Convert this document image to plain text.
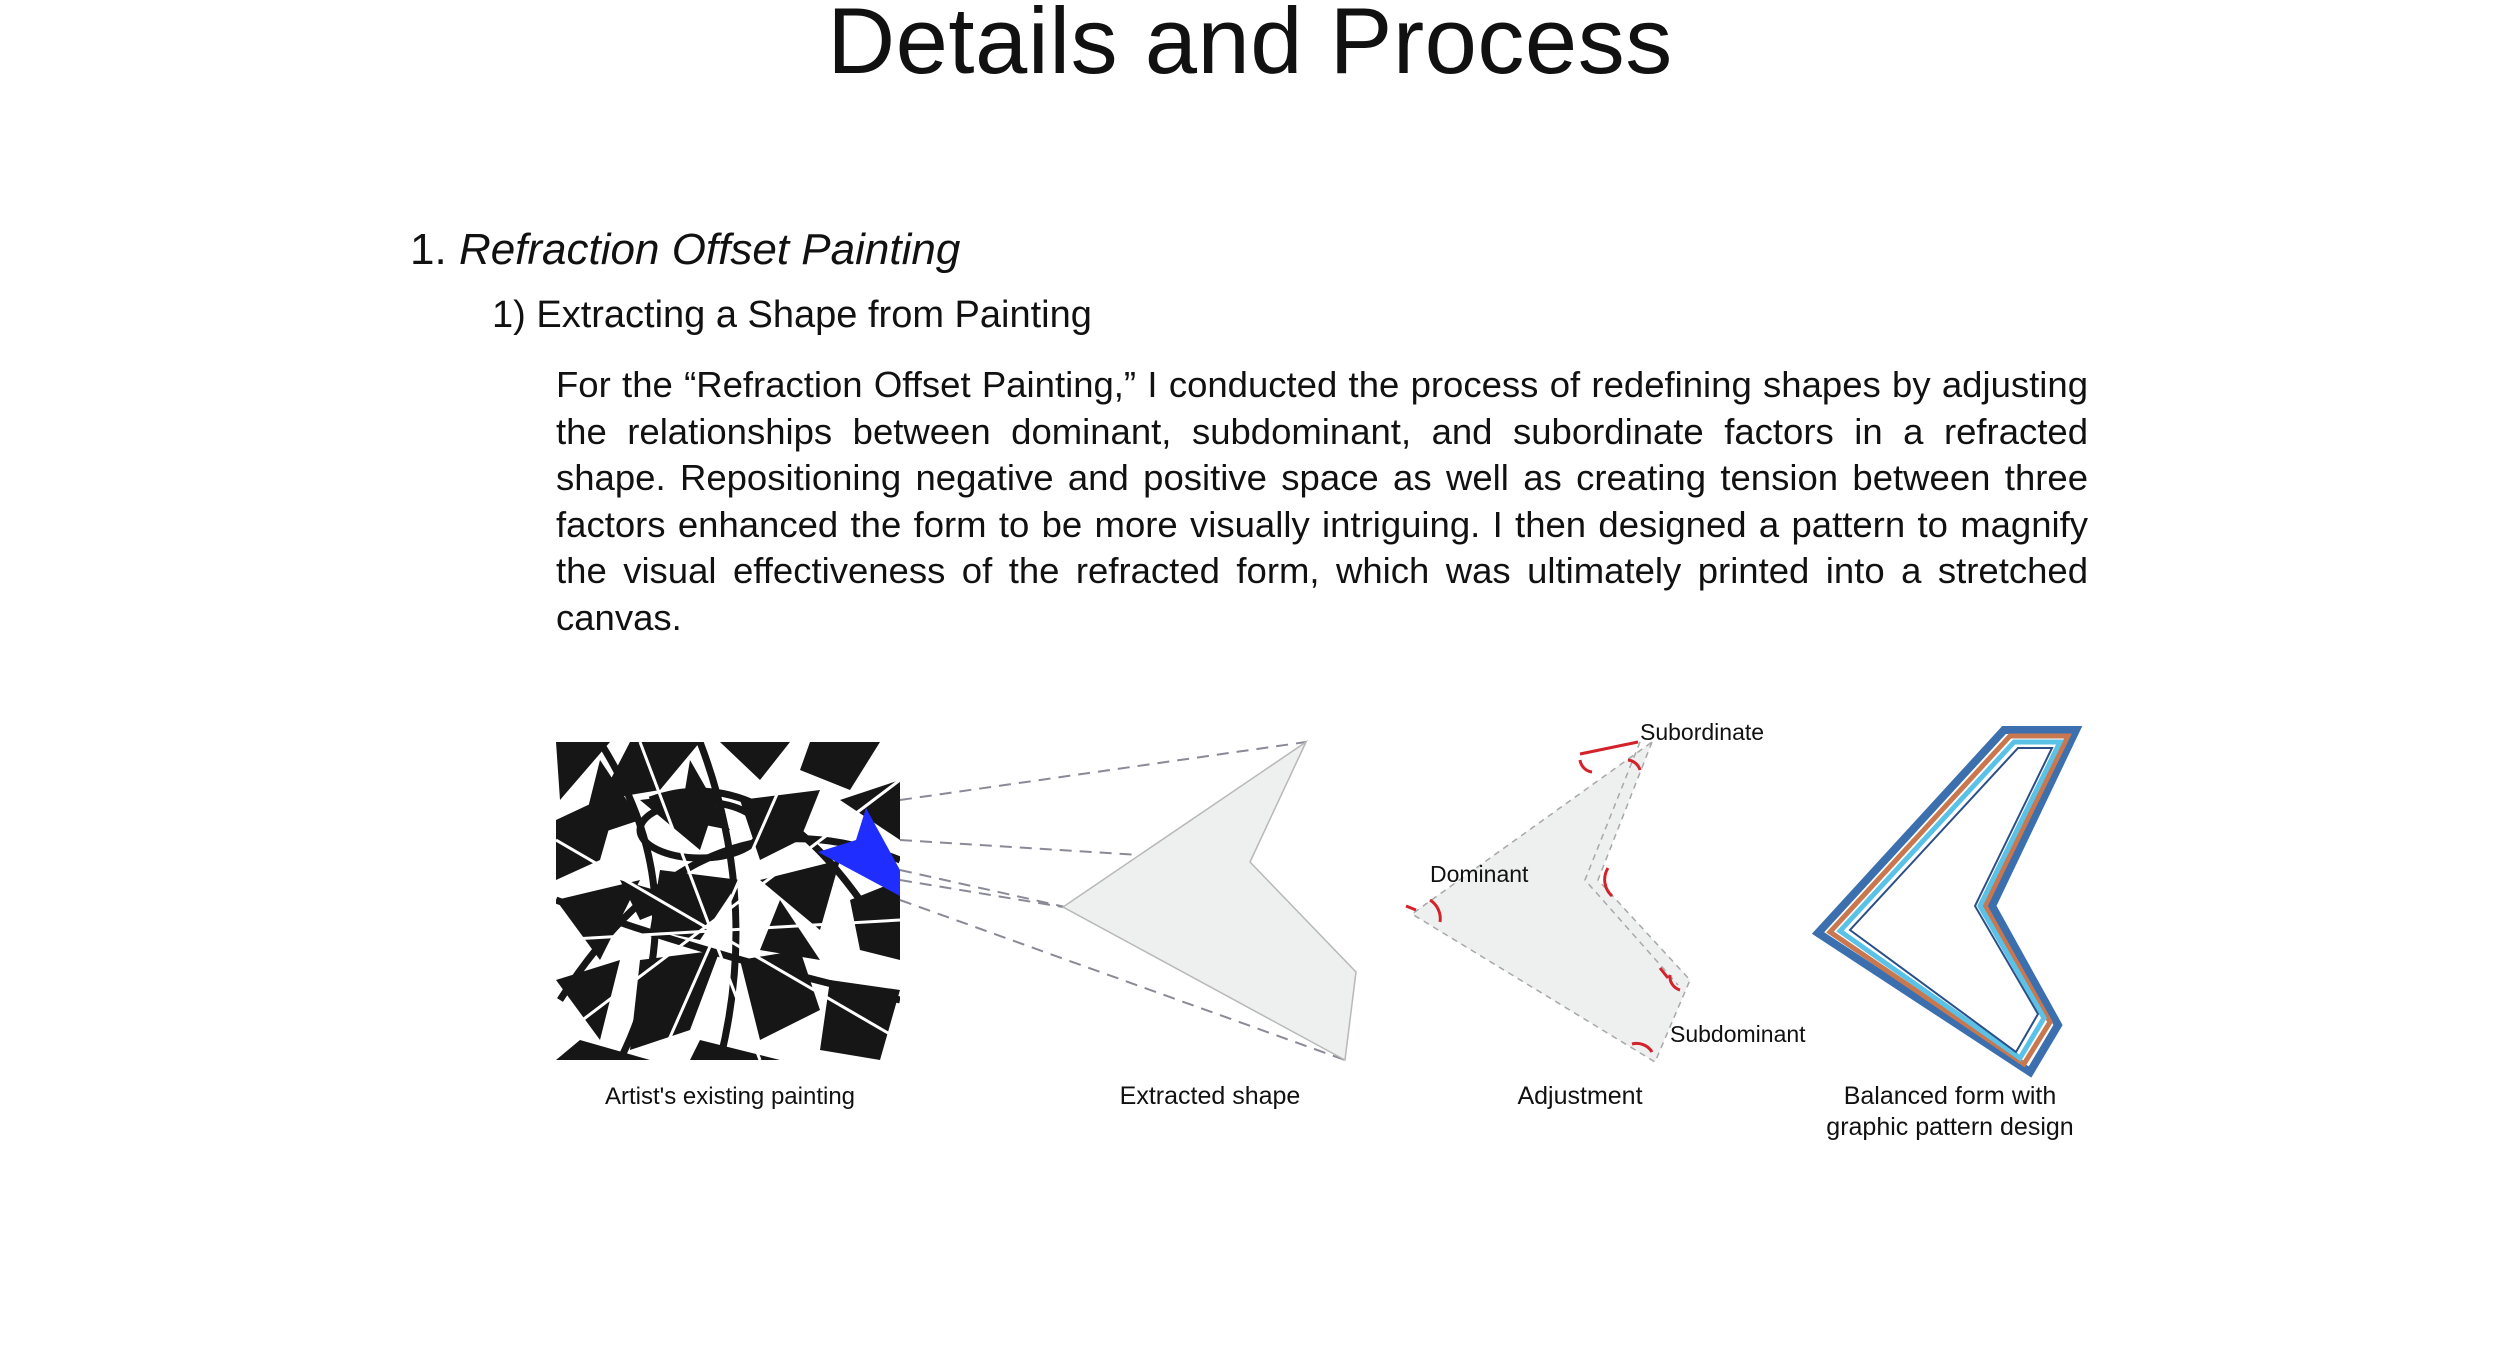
Details and Process
1. Refraction Offset Painting
1) Extracting a Shape from Painting
For the “Refraction Offset Painting,” I conducted the process of redefining shapes by adjusting the relationships between dominant, subdominant, and subordinate factors in a refracted shape. Repositioning negative and positive space as well as creating tension between three factors enhanced the form to be more visually intriguing. I then designed a pattern to magnify the visual effectiveness of the refracted form, which was ultimately printed into a stretched canvas.
Subordinate
Dominant
Subdominant
Artist's existing painting	Extracted shape	Adjustment	Balanced form with
graphic pattern design
